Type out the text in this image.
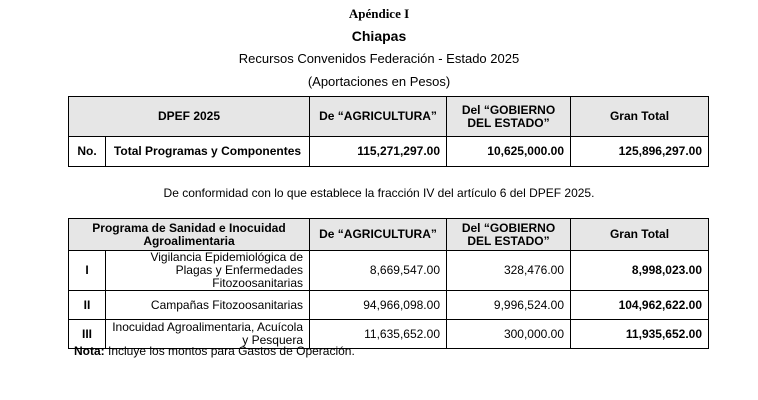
Apéndice I
Chiapas
Recursos Convenidos Federación - Estado 2025
(Aportaciones en Pesos)
DPEF 2025		De “AGRICULTURA”	Del “GOBIERNO DEL ESTADO”	Gran Total
No.	Total Programas y Componentes	115,271,297.00	10,625,000.00	125,896,297.00
De conformidad con lo que establece la fracción IV del artículo 6 del DPEF 2025.
Programa de Sanidad e Inocuidad Agroalimentaria		De “AGRICULTURA”	Del “GOBIERNO DEL ESTADO”	Gran Total
I	Vigilancia Epidemiológica de Plagas y Enfermedades Fitozoosanitarias	8,669,547.00	328,476.00	8,998,023.00
II	Campañas Fitozoosanitarias	94,966,098.00	9,996,524.00	104,962,622.00
III	Inocuidad Agroalimentaria, Acuícola y Pesquera	11,635,652.00	300,000.00	11,935,652.00
Nota: Incluye los montos para Gastos de Operación.
